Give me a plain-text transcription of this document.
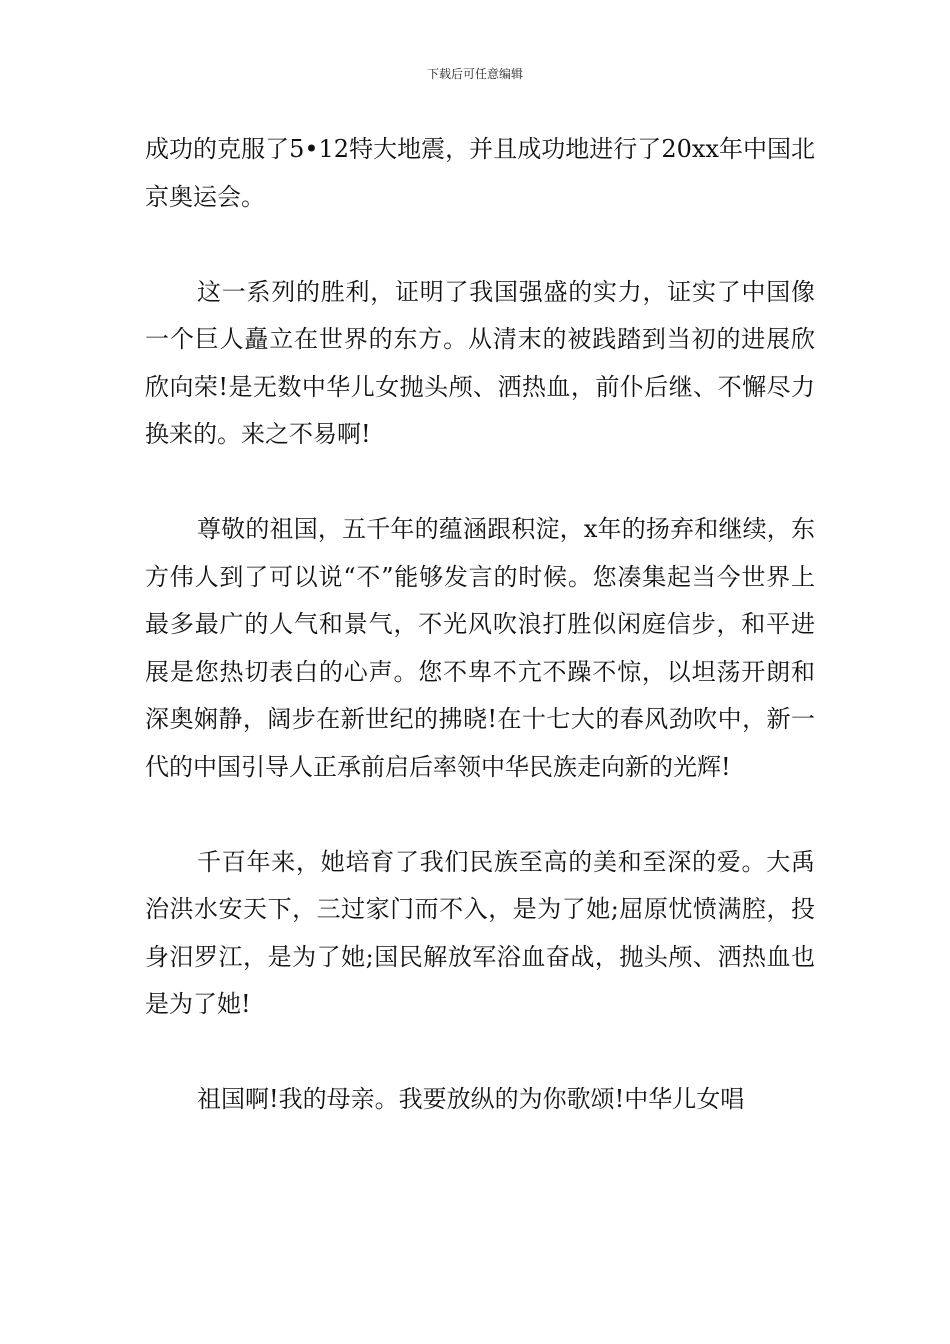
下载后可任意编辑

成功的克服了5•12特大地震，并且成功地进行了20xx年中国北京奥运会。

这一系列的胜利，证明了我国强盛的实力，证实了中国像一个巨人矗立在世界的东方。从清末的被践踏到当初的进展欣欣向荣!是无数中华儿女抛头颅、洒热血，前仆后继、不懈尽力换来的。来之不易啊!

尊敬的祖国，五千年的蕴涵跟积淀，x年的扬弃和继续，东方伟人到了可以说“不”能够发言的时候。您凑集起当今世界上最多最广的人气和景气，不光风吹浪打胜似闲庭信步，和平进展是您热切表白的心声。您不卑不亢不躁不惊，以坦荡开朗和深奥娴静，阔步在新世纪的拂晓!在十七大的春风劲吹中，新一代的中国引导人正承前启后率领中华民族走向新的光辉!

千百年来，她培育了我们民族至高的美和至深的爱。大禹治洪水安天下，三过家门而不入，是为了她;屈原忧愤满腔，投身汨罗江，是为了她;国民解放军浴血奋战，抛头颅、洒热血也是为了她!

祖国啊!我的母亲。我要放纵的为你歌颂!中华儿女唱
